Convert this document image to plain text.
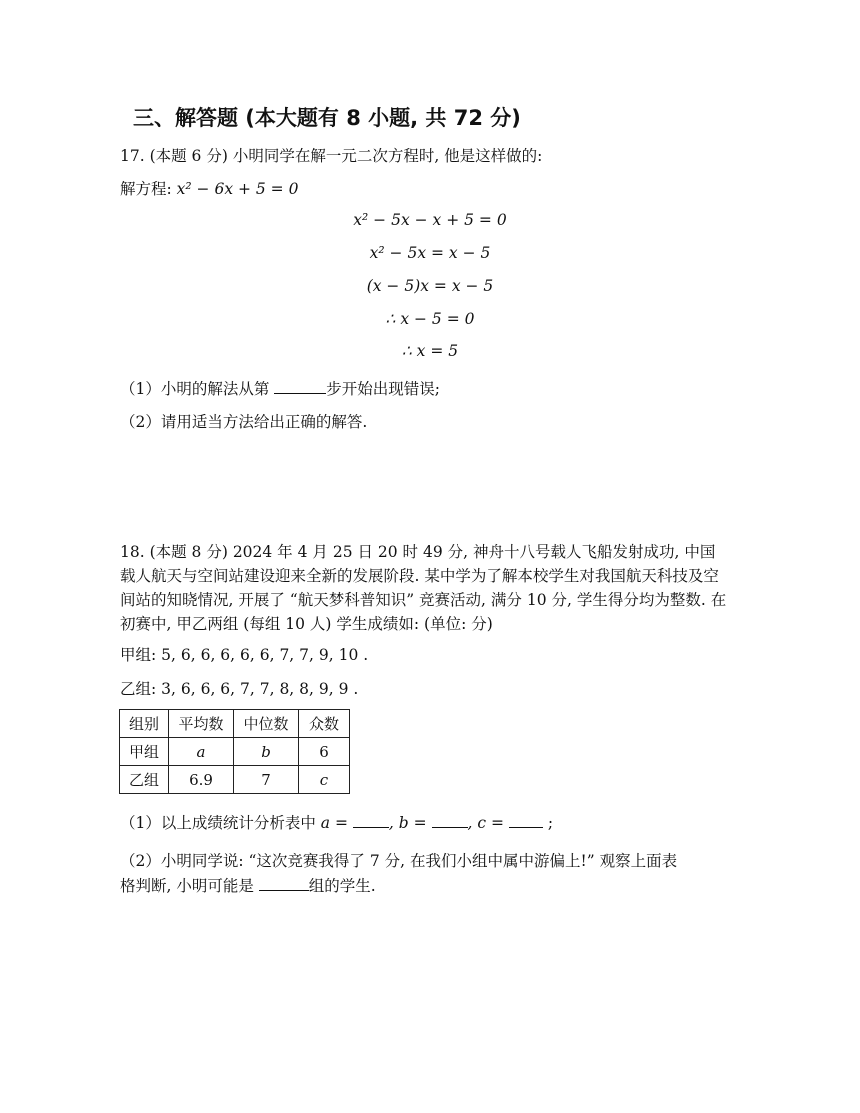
三、解答题 (本大题有 8 小题, 共 72 分)
17. (本题 6 分) 小明同学在解一元二次方程时, 他是这样做的:
解方程: x² − 6x + 5 = 0
x² − 5x − x + 5 = 0
x² − 5x = x − 5
(x − 5)x = x − 5
∴ x − 5 = 0
∴ x = 5
（1）小明的解法从第	步开始出现错误;
（2）请用适当方法给出正确的解答.
18. (本题 8 分) 2024 年 4 月 25 日 20 时 49 分, 神舟十八号载人飞船发射成功, 中国载人航天与空间站建设迎来全新的发展阶段. 某中学为了解本校学生对我国航天科技及空间站的知晓情况, 开展了 “航天梦科普知识” 竞赛活动, 满分 10 分, 学生得分均为整数. 在初赛中, 甲乙两组 (每组 10 人) 学生成绩如: (单位: 分)
甲组: 5, 6, 6, 6, 6, 6, 7, 7, 9, 10 .
乙组: 3, 6, 6, 6, 7, 7, 8, 8, 9, 9 .
组别	平均数	中位数	众数
甲组	a	b	6
乙组	6.9	7	c
（1）以上成绩统计分析表中 a = , b = , c =  ;
（2）小明同学说: “这次竞赛我得了 7 分, 在我们小组中属中游偏上!” 观察上面表
格判断, 小明可能是	组的学生.
